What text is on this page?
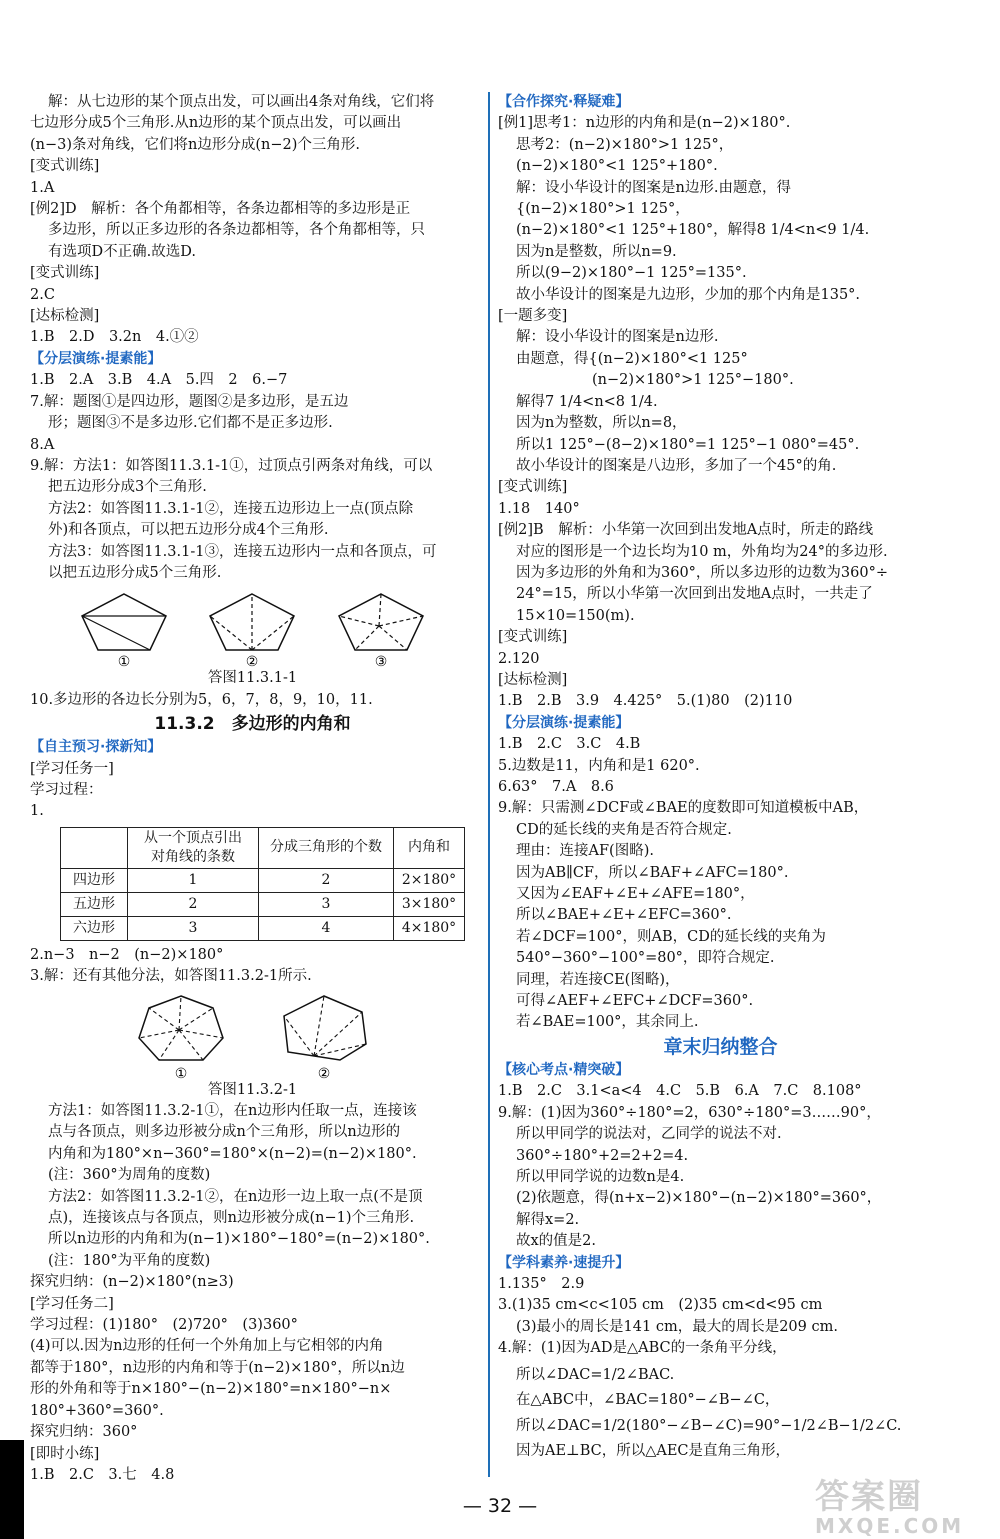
解：从七边形的某个顶点出发，可以画出4条对角线，它们将
七边形分成5个三角形.从n边形的某个顶点出发，可以画出
(n−3)条对角线，它们将n边形分成(n−2)个三角形.
[变式训练]
1.A
[例2]D　解析：各个角都相等，各条边都相等的多边形是正
多边形，所以正多边形的各条边都相等，各个角都相等，只
有选项D不正确.故选D.
[变式训练]
2.C
[达标检测]
1.B　2.D　3.2n　4.①②
【分层演练·提素能】
1.B　2.A　3.B　4.A　5.四　2　6.−7
7.解：题图①是四边形，题图②是多边形，是五边
形；题图③不是多边形.它们都不是正多边形.
8.A
9.解：方法1：如答图11.3.1-1①，过顶点引两条对角线，可以
把五边形分成3个三角形.
方法2：如答图11.3.1-1②，连接五边形边上一点(顶点除
外)和各顶点，可以把五边形分成4个三角形.
方法3：如答图11.3.1-1③，连接五边形内一点和各顶点，可
以把五边形分成5个三角形.
①	②	③
答图11.3.1-1
10.多边形的各边长分别为5，6，7，8，9，10，11.
11.3.2　多边形的内角和
【自主预习·探新知】
[学习任务一]
学习过程：
1.
	从一个顶点引出
对角线的条数	分成三角形的个数	内角和
四边形	1	2	2×180°
五边形	2	3	3×180°
六边形	3	4	4×180°
2.n−3　n−2　(n−2)×180°
3.解：还有其他分法，如答图11.3.2-1所示.
①	②
答图11.3.2-1
方法1：如答图11.3.2-1①，在n边形内任取一点，连接该
点与各顶点，则多边形被分成n个三角形，所以n边形的
内角和为180°×n−360°=180°×(n−2)=(n−2)×180°.
(注：360°为周角的度数)
方法2：如答图11.3.2-1②，在n边形一边上取一点(不是顶
点)，连接该点与各顶点，则n边形被分成(n−1)个三角形.
所以n边形的内角和为(n−1)×180°−180°=(n−2)×180°.
(注：180°为平角的度数)
探究归纳：(n−2)×180°(n≥3)
[学习任务二]
学习过程：(1)180°　(2)720°　(3)360°
(4)可以.因为n边形的任何一个外角加上与它相邻的内角
都等于180°，n边形的内角和等于(n−2)×180°，所以n边
形的外角和等于n×180°−(n−2)×180°=n×180°−n×
180°+360°=360°.
探究归纳：360°
[即时小练]
1.B　2.C　3.七　4.8
【合作探究·释疑难】
[例1]思考1：n边形的内角和是(n−2)×180°.
思考2：(n−2)×180°>1 125°，
(n−2)×180°<1 125°+180°.
解：设小华设计的图案是n边形.由题意，得
{(n−2)×180°>1 125°，
(n−2)×180°<1 125°+180°，解得8 1/4<n<9 1/4.
因为n是整数，所以n=9.
所以(9−2)×180°−1 125°=135°.
故小华设计的图案是九边形，少加的那个内角是135°.
[一题多变]
解：设小华设计的图案是n边形.
由题意，得{(n−2)×180°<1 125°
(n−2)×180°>1 125°−180°.
解得7 1/4<n<8 1/4.
因为n为整数，所以n=8，
所以1 125°−(8−2)×180°=1 125°−1 080°=45°.
故小华设计的图案是八边形，多加了一个45°的角.
[变式训练]
1.18　140°
[例2]B　解析：小华第一次回到出发地A点时，所走的路线
对应的图形是一个边长均为10 m，外角均为24°的多边形.
因为多边形的外角和为360°，所以多边形的边数为360°÷
24°=15，所以小华第一次回到出发地A点时，一共走了
15×10=150(m).
[变式训练]
2.120
[达标检测]
1.B　2.B　3.9　4.425°　5.(1)80　(2)110
【分层演练·提素能】
1.B　2.C　3.C　4.B
5.边数是11，内角和是1 620°.
6.63°　7.A　8.6
9.解：只需测∠DCF或∠BAE的度数即可知道模板中AB，
CD的延长线的夹角是否符合规定.
理由：连接AF(图略).
因为AB∥CF，所以∠BAF+∠AFC=180°.
又因为∠EAF+∠E+∠AFE=180°，
所以∠BAE+∠E+∠EFC=360°.
若∠DCF=100°，则AB，CD的延长线的夹角为
540°−360°−100°=80°，即符合规定.
同理，若连接CE(图略)，
可得∠AEF+∠EFC+∠DCF=360°.
若∠BAE=100°，其余同上.
章末归纳整合
【核心考点·精突破】
1.B　2.C　3.1<a<4　4.C　5.B　6.A　7.C　8.108°
9.解：(1)因为360°÷180°=2，630°÷180°=3……90°，
所以甲同学的说法对，乙同学的说法不对.
360°÷180°+2=2+2=4.
所以甲同学说的边数n是4.
(2)依题意，得(n+x−2)×180°−(n−2)×180°=360°，
解得x=2.
故x的值是2.
【学科素养·速提升】
1.135°　2.9
3.(1)35 cm<c<105 cm　(2)35 cm<d<95 cm
(3)最小的周长是141 cm，最大的周长是209 cm.
4.解：(1)因为AD是△ABC的一条角平分线，
所以∠DAC=1/2∠BAC.
在△ABC中，∠BAC=180°−∠B−∠C，
所以∠DAC=1/2(180°−∠B−∠C)=90°−1/2∠B−1/2∠C.
因为AE⊥BC，所以△AEC是直角三角形，
— 32 —	答案圈
MXQE.COM
